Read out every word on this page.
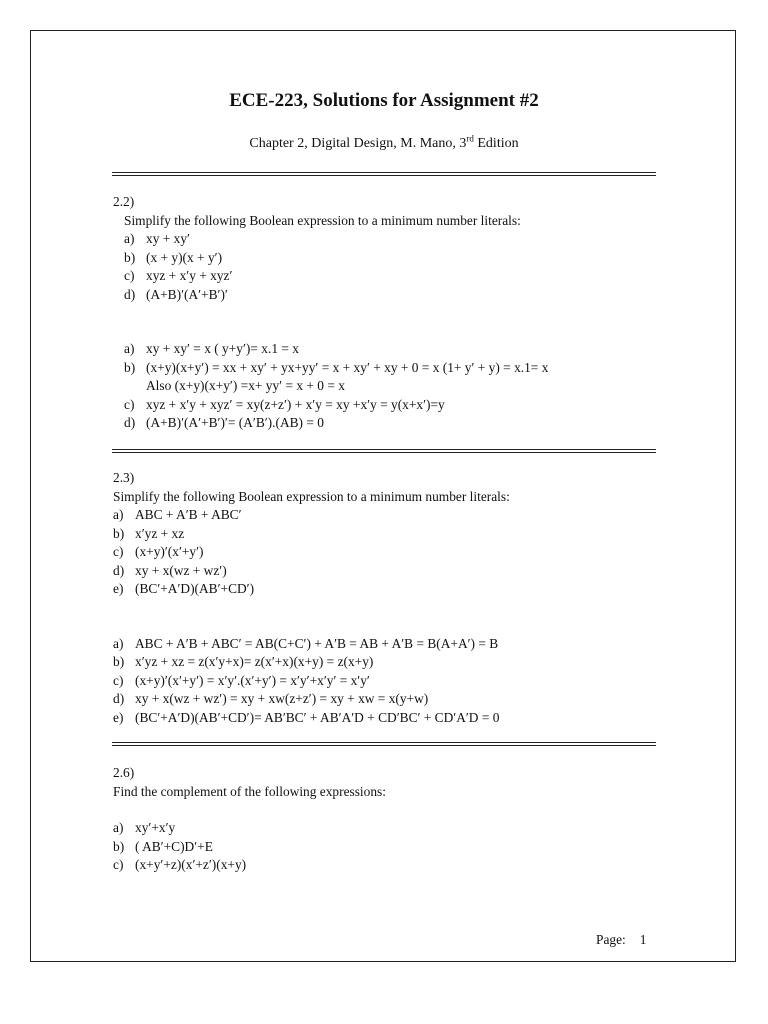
ECE-223, Solutions for Assignment #2
Chapter 2, Digital Design, M. Mano, 3rd Edition
2.2)
Simplify the following Boolean expression to a minimum number literals:
a) xy + xy′
b) (x + y)(x + y′)
c) xyz + x′y + xyz′
d) (A+B)′(A′+B′)′
a) xy + xy′ = x ( y+y′)= x.1 = x
b) (x+y)(x+y′) = xx + xy′ + yx+yy′ = x + xy′ + xy + 0 = x (1+ y′ + y) = x.1= x
Also (x+y)(x+y′) =x+ yy′ = x + 0 = x
c) xyz + x′y + xyz′ = xy(z+z′) + x′y = xy +x′y = y(x+x′)=y
d) (A+B)′(A′+B′)′= (A′B′).(AB) = 0
2.3)
Simplify the following Boolean expression to a minimum number literals:
a) ABC + A′B + ABC′
b) x′yz + xz
c) (x+y)′(x′+y′)
d) xy + x(wz + wz′)
e) (BC′+A′D)(AB′+CD′)
a) ABC + A′B + ABC′ = AB(C+C′) + A′B = AB + A′B = B(A+A′) = B
b) x′yz + xz = z(x′y+x)= z(x′+x)(x+y) = z(x+y)
c) (x+y)′(x′+y′) = x′y′.(x′+y′) = x′y′+x′y′ = x′y′
d) xy + x(wz + wz′) = xy + xw(z+z′) = xy + xw = x(y+w)
e) (BC′+A′D)(AB′+CD′)= AB′BC′ + AB′A′D + CD′BC′ + CD′A′D = 0
2.6)
Find the complement of the following expressions:
a) xy′+x′y
b) ( AB′+C)D′+E
c) (x+y′+z)(x′+z′)(x+y)
Page: 1
